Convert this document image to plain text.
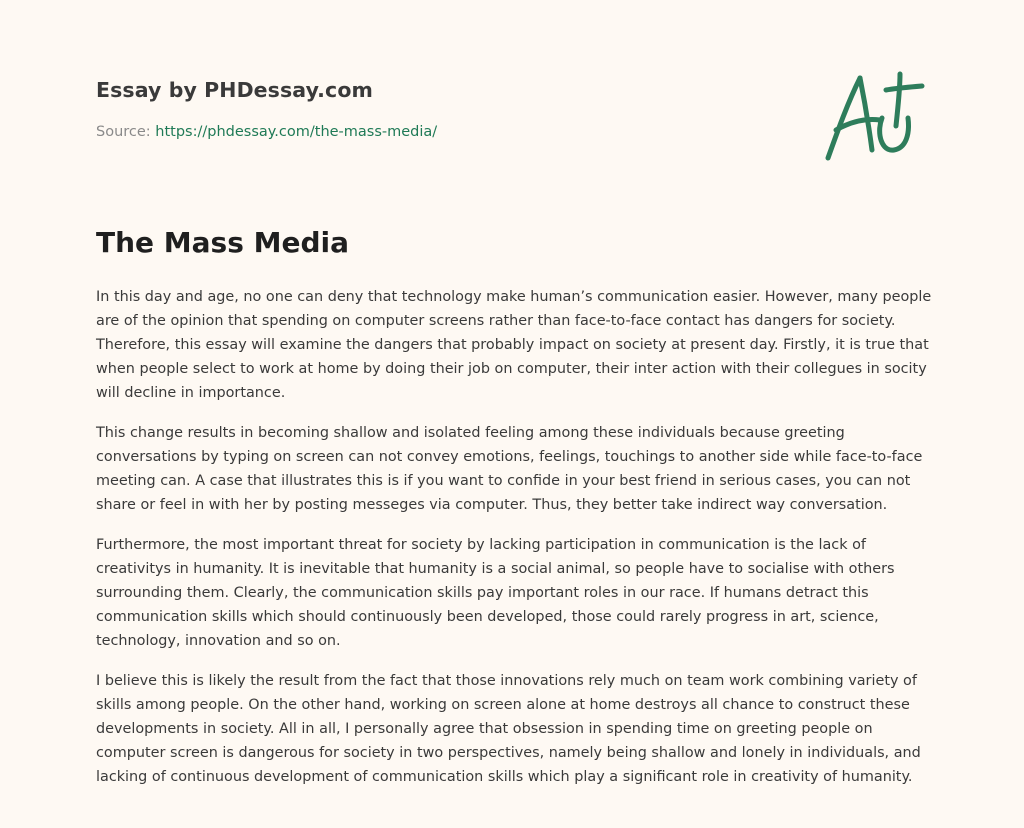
Essay by PHDessay.com
Source: https://phdessay.com/the-mass-media/
The Mass Media

In this day and age, no one can deny that technology make human’s communication easier. However, many people are of the opinion that spending on computer screens rather than face-to-face contact has dangers for society. Therefore, this essay will examine the dangers that probably impact on society at present day. Firstly, it is true that when people select to work at home by doing their job on computer, their inter action with their collegues in socity will decline in importance.

This change results in becoming shallow and isolated feeling among these individuals because greeting conversations by typing on screen can not convey emotions, feelings, touchings to another side while face-to-face meeting can. A case that illustrates this is if you want to confide in your best friend in serious cases, you can not share or feel in with her by posting messeges via computer. Thus, they better take indirect way conversation.

Furthermore, the most important threat for society by lacking participation in communication is the lack of creativitys in humanity. It is inevitable that humanity is a social animal, so people have to socialise with others surrounding them. Clearly, the communication skills pay important roles in our race. If humans detract this communication skills which should continuously been developed, those could rarely progress in art, science, technology, innovation and so on.

I believe this is likely the result from the fact that those innovations rely much on team work combining variety of skills among people. On the other hand, working on screen alone at home destroys all chance to construct these developments in society. All in all, I personally agree that obsession in spending time on greeting people on computer screen is dangerous for society in two perspectives, namely being shallow and lonely in individuals, and lacking of continuous development of communication skills which play a significant role in creativity of humanity.
